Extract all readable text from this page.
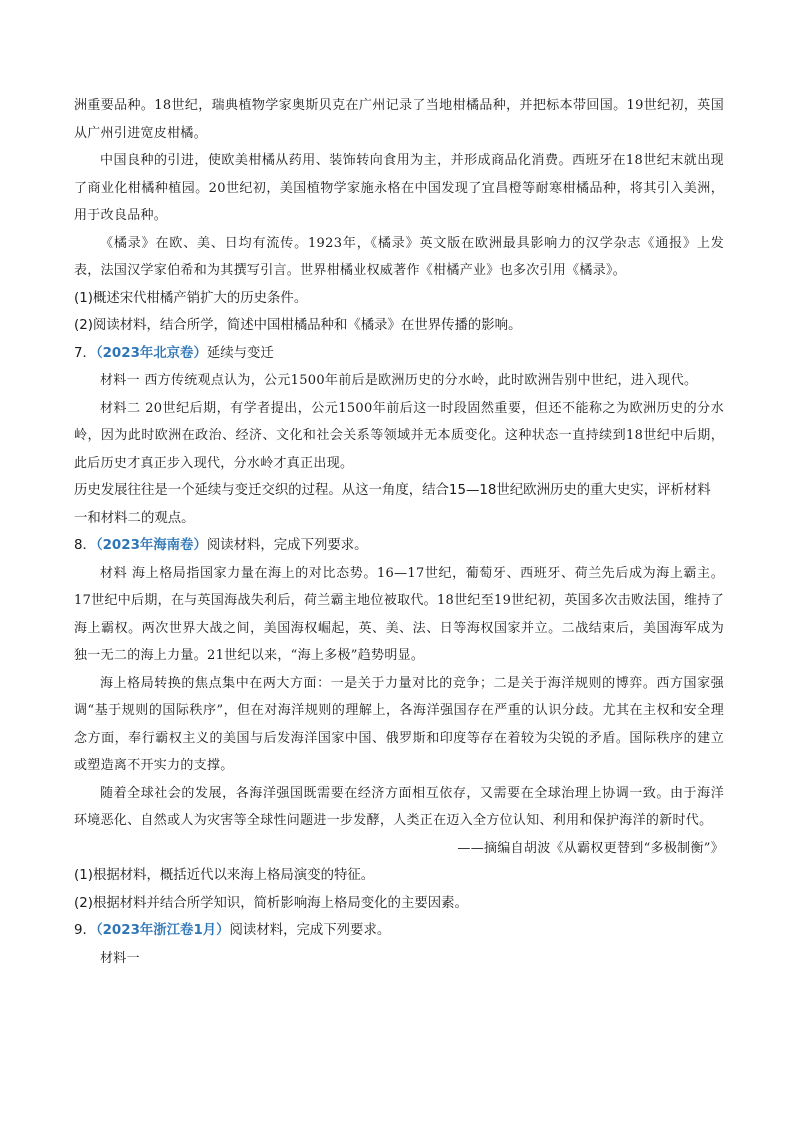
洲重要品种。18世纪，瑞典植物学家奥斯贝克在广州记录了当地柑橘品种，并把标本带回国。19世纪初，英国从广州引进宽皮柑橘。

中国良种的引进，使欧美柑橘从药用、装饰转向食用为主，并形成商品化消费。西班牙在18世纪末就出现了商业化柑橘种植园。20世纪初，美国植物学家施永格在中国发现了宜昌橙等耐寒柑橘品种，将其引入美洲，用于改良品种。

《橘录》在欧、美、日均有流传。1923年，《橘录》英文版在欧洲最具影响力的汉学杂志《通报》上发表，法国汉学家伯希和为其撰写引言。世界柑橘业权威著作《柑橘产业》也多次引用《橘录》。

(1)概述宋代柑橘产销扩大的历史条件。

(2)阅读材料，结合所学，简述中国柑橘品种和《橘录》在世界传播的影响。

7．（2023年北京卷）延续与变迁

材料一 西方传统观点认为，公元1500年前后是欧洲历史的分水岭，此时欧洲告别中世纪，进入现代。

材料二 20世纪后期，有学者提出，公元1500年前后这一时段固然重要，但还不能称之为欧洲历史的分水岭，因为此时欧洲在政治、经济、文化和社会关系等领域并无本质变化。这种状态一直持续到18世纪中后期，此后历史才真正步入现代，分水岭才真正出现。

历史发展往往是一个延续与变迁交织的过程。从这一角度，结合15—18世纪欧洲历史的重大史实，评析材料一和材料二的观点。

8．（2023年海南卷）阅读材料，完成下列要求。

材料 海上格局指国家力量在海上的对比态势。16—17世纪，葡萄牙、西班牙、荷兰先后成为海上霸主。17世纪中后期，在与英国海战失利后，荷兰霸主地位被取代。18世纪至19世纪初，英国多次击败法国，维持了海上霸权。两次世界大战之间，美国海权崛起，英、美、法、日等海权国家并立。二战结束后，美国海军成为独一无二的海上力量。21世纪以来，“海上多极”趋势明显。

海上格局转换的焦点集中在两大方面：一是关于力量对比的竞争；二是关于海洋规则的博弈。西方国家强调“基于规则的国际秩序”，但在对海洋规则的理解上，各海洋强国存在严重的认识分歧。尤其在主权和安全理念方面，奉行霸权主义的美国与后发海洋国家中国、俄罗斯和印度等存在着较为尖锐的矛盾。国际秩序的建立或塑造离不开实力的支撑。

随着全球社会的发展，各海洋强国既需要在经济方面相互依存，又需要在全球治理上协调一致。由于海洋环境恶化、自然或人为灾害等全球性问题进一步发酵，人类正在迈入全方位认知、利用和保护海洋的新时代。

——摘编自胡波《从霸权更替到“多极制衡”》

(1)根据材料，概括近代以来海上格局演变的特征。

(2)根据材料并结合所学知识，简析影响海上格局变化的主要因素。

9．（2023年浙江卷1月）阅读材料，完成下列要求。

材料一
